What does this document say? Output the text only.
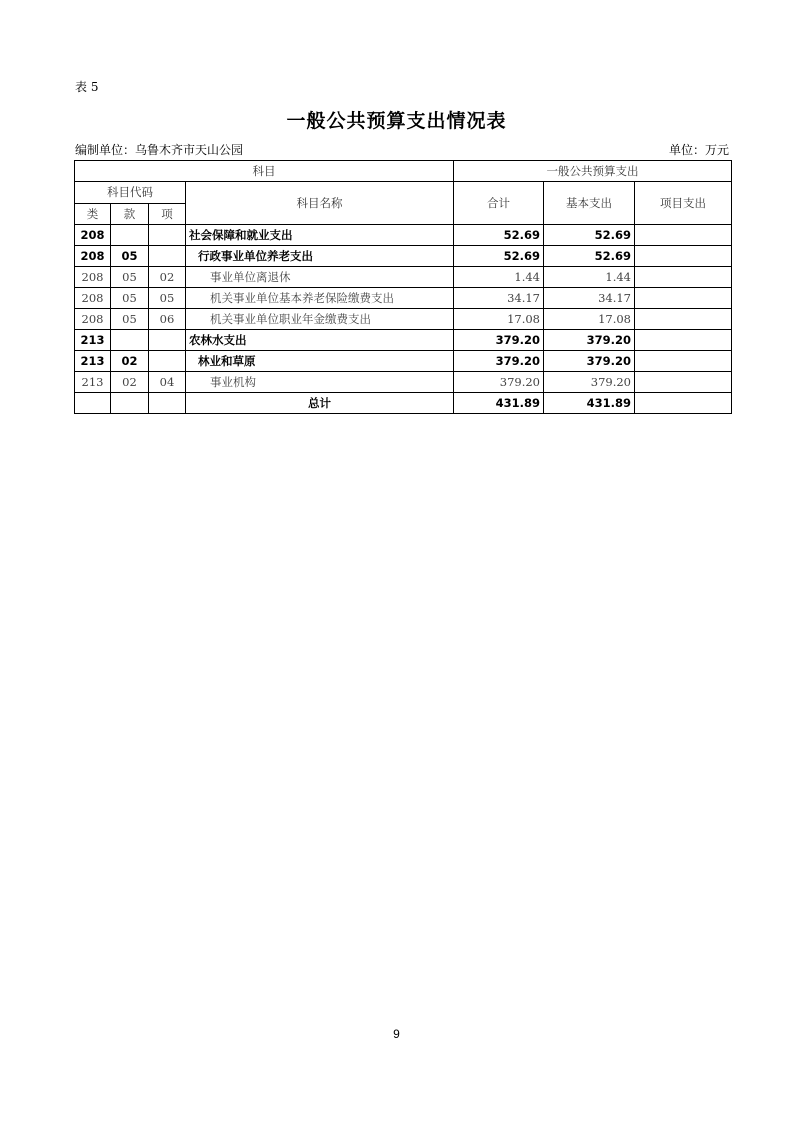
表 5
一般公共预算支出情况表
编制单位：乌鲁木齐市天山公园	单位：万元
科目				一般公共预算支出		
科目代码			科目名称	合计	基本支出	项目支出
类	款	项				
208			社会保障和就业支出	52.69	52.69	
208	05		行政事业单位养老支出	52.69	52.69	
208	05	02	事业单位离退休	1.44	1.44	
208	05	05	机关事业单位基本养老保险缴费支出	34.17	34.17	
208	05	06	机关事业单位职业年金缴费支出	17.08	17.08	
213			农林水支出	379.20	379.20	
213	02		林业和草原	379.20	379.20	
213	02	04	事业机构	379.20	379.20	
			总计	431.89	431.89	
9
